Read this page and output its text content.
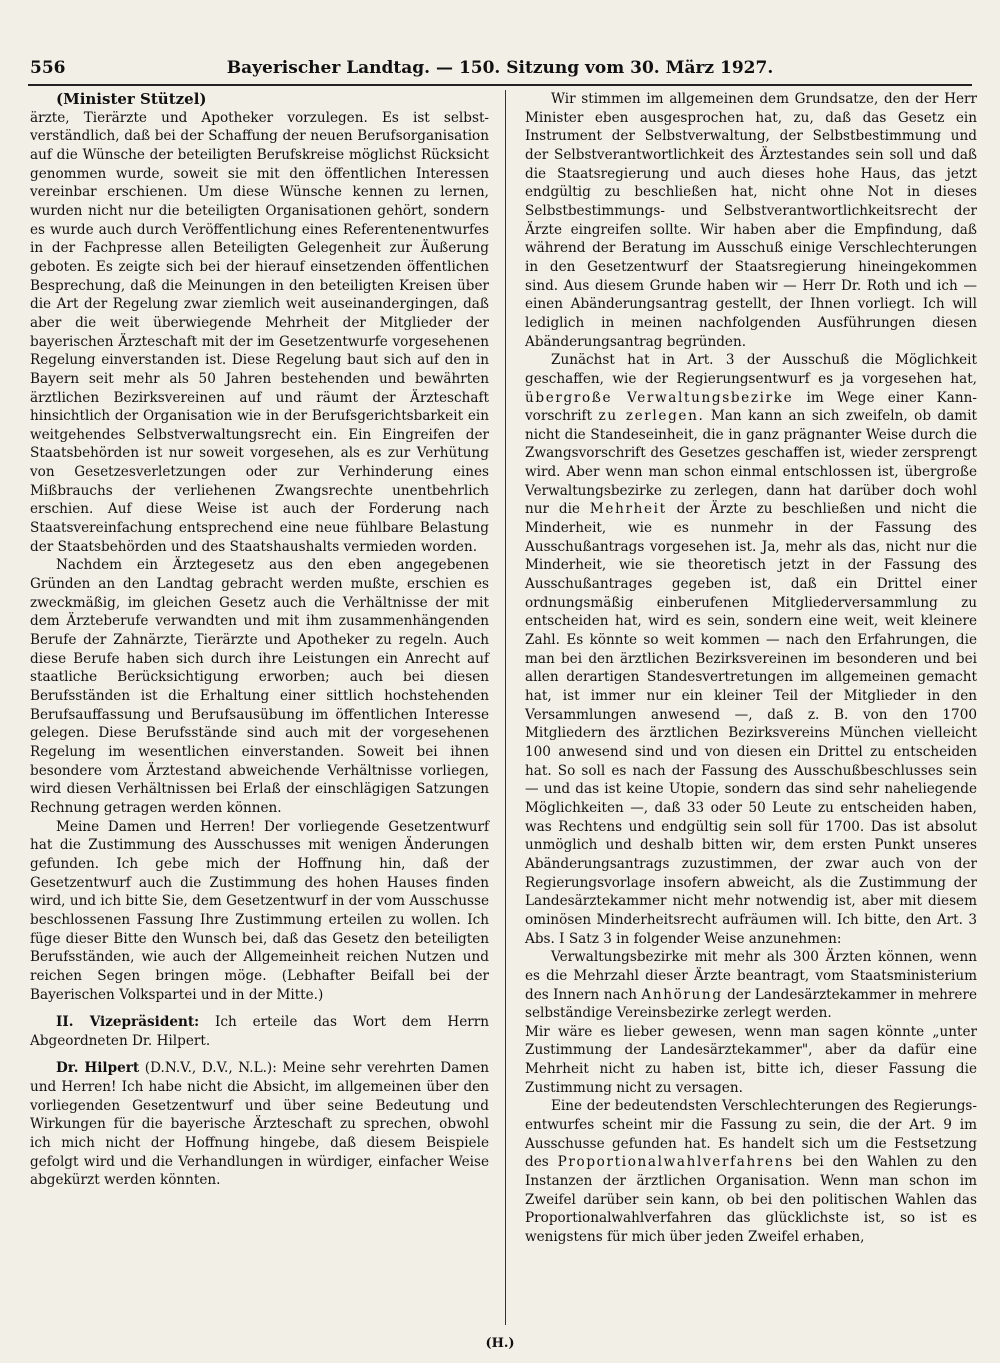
556	Bayerischer Landtag. — 150. Sitzung vom 30. März 1927.

(Minister Stützel)

ärzte, Tierärzte und Apotheker vorzulegen. Es ist selbstverständlich, daß bei der Schaffung der neuen Berufsorganisation auf die Wünsche der beteiligten Berufskreise möglichst Rücksicht genommen wurde, soweit sie mit den öffentlichen Interessen vereinbar erschienen. Um diese Wünsche kennen zu lernen, wurden nicht nur die beteiligten Organisationen gehört, sondern es wurde auch durch Veröffentlichung eines Referentenentwurfes in der Fachpresse allen Beteiligten Gelegenheit zur Äußerung geboten. Es zeigte sich bei der hierauf einsetzenden öffentlichen Besprechung, daß die Meinungen in den beteiligten Kreisen über die Art der Regelung zwar ziemlich weit auseinandergingen, daß aber die weit überwiegende Mehrheit der Mitglieder der bayerischen Ärzteschaft mit der im Gesetzentwurfe vorgesehenen Regelung einverstanden ist. Diese Regelung baut sich auf den in Bayern seit mehr als 50 Jahren bestehenden und bewährten ärztlichen Bezirksvereinen auf und räumt der Ärzteschaft hinsichtlich der Organisation wie in der Berufsgerichtsbarkeit ein weitgehendes Selbstverwaltungsrecht ein. Ein Eingreifen der Staatsbehörden ist nur soweit vorgesehen, als es zur Verhütung von Gesetzesverletzungen oder zur Verhinderung eines Mißbrauchs der verliehenen Zwangsrechte unentbehrlich erschien. Auf diese Weise ist auch der Forderung nach Staatsvereinfachung entsprechend eine neue fühlbare Belastung der Staatsbehörden und des Staatshaushalts vermieden worden.

Nachdem ein Ärztegesetz aus den eben angegebenen Gründen an den Landtag gebracht werden mußte, erschien es zweckmäßig, im gleichen Gesetz auch die Verhältnisse der mit dem Ärzteberufe verwandten und mit ihm zusammenhängenden Berufe der Zahnärzte, Tierärzte und Apotheker zu regeln. Auch diese Berufe haben sich durch ihre Leistungen ein Anrecht auf staatliche Berücksichtigung erworben; auch bei diesen Berufsständen ist die Erhaltung einer sittlich hochstehenden Berufsauffassung und Berufsausübung im öffentlichen Interesse gelegen. Diese Berufsstände sind auch mit der vorgesehenen Regelung im wesentlichen einverstanden. Soweit bei ihnen besondere vom Ärztestand abweichende Verhältnisse vorliegen, wird diesen Verhältnissen bei Erlaß der einschlägigen Satzungen Rechnung getragen werden können.

Meine Damen und Herren! Der vorliegende Gesetzentwurf hat die Zustimmung des Ausschusses mit wenigen Änderungen gefunden. Ich gebe mich der Hoffnung hin, daß der Gesetzentwurf auch die Zustimmung des hohen Hauses finden wird, und ich bitte Sie, dem Gesetzentwurf in der vom Ausschusse beschlossenen Fassung Ihre Zustimmung erteilen zu wollen. Ich füge dieser Bitte den Wunsch bei, daß das Gesetz den beteiligten Berufsständen, wie auch der Allgemeinheit reichen Nutzen und reichen Segen bringen möge. (Lebhafter Beifall bei der Bayerischen Volkspartei und in der Mitte.)

II. Vizepräsident: Ich erteile das Wort dem Herrn Abgeordneten Dr. Hilpert.

Dr. Hilpert (D.N.V., D.V., N.L.): Meine sehr verehrten Damen und Herren! Ich habe nicht die Absicht, im allgemeinen über den vorliegenden Gesetzentwurf und über seine Bedeutung und Wirkungen für die bayerische Ärzteschaft zu sprechen, obwohl ich mich nicht der Hoffnung hingebe, daß diesem Beispiele gefolgt wird und die Verhandlungen in würdiger, einfacher Weise abgekürzt werden könnten.

Wir stimmen im allgemeinen dem Grundsatze, den der Herr Minister eben ausgesprochen hat, zu, daß das Gesetz ein Instrument der Selbstverwaltung, der Selbstbestimmung und der Selbstverantwortlichkeit des Ärztestandes sein soll und daß die Staatsregierung und auch dieses hohe Haus, das jetzt endgültig zu beschließen hat, nicht ohne Not in dieses Selbstbestimmungs- und Selbstverantwortlichkeitsrecht der Ärzte eingreifen sollte. Wir haben aber die Empfindung, daß während der Beratung im Ausschuß einige Verschlechterungen in den Gesetzentwurf der Staatsregierung hineingekommen sind. Aus diesem Grunde haben wir — Herr Dr. Roth und ich — einen Abänderungsantrag gestellt, der Ihnen vorliegt. Ich will lediglich in meinen nachfolgenden Ausführungen diesen Abänderungsantrag begründen.

Zunächst hat in Art. 3 der Ausschuß die Möglichkeit geschaffen, wie der Regierungsentwurf es ja vorgesehen hat, übergroße Verwaltungsbezirke im Wege einer Kannvorschrift zu zerlegen. Man kann an sich zweifeln, ob damit nicht die Standeseinheit, die in ganz prägnanter Weise durch die Zwangsvorschrift des Gesetzes geschaffen ist, wieder zersprengt wird. Aber wenn man schon einmal entschlossen ist, übergroße Verwaltungsbezirke zu zerlegen, dann hat darüber doch wohl nur die Mehrheit der Ärzte zu beschließen und nicht die Minderheit, wie es nunmehr in der Fassung des Ausschußantrags vorgesehen ist. Ja, mehr als das, nicht nur die Minderheit, wie sie theoretisch jetzt in der Fassung des Ausschußantrages gegeben ist, daß ein Drittel einer ordnungsmäßig einberufenen Mitgliederversammlung zu entscheiden hat, wird es sein, sondern eine weit, weit kleinere Zahl. Es könnte so weit kommen — nach den Erfahrungen, die man bei den ärztlichen Bezirksvereinen im besonderen und bei allen derartigen Standesvertretungen im allgemeinen gemacht hat, ist immer nur ein kleiner Teil der Mitglieder in den Versammlungen anwesend —, daß z. B. von den 1700 Mitgliedern des ärztlichen Bezirksvereins München vielleicht 100 anwesend sind und von diesen ein Drittel zu entscheiden hat. So soll es nach der Fassung des Ausschußbeschlusses sein — und das ist keine Utopie, sondern das sind sehr naheliegende Möglichkeiten —, daß 33 oder 50 Leute zu entscheiden haben, was Rechtens und endgültig sein soll für 1700. Das ist absolut unmöglich und deshalb bitten wir, dem ersten Punkt unseres Abänderungsantrags zuzustimmen, der zwar auch von der Regierungsvorlage insofern abweicht, als die Zustimmung der Landesärztekammer nicht mehr notwendig ist, aber mit diesem ominösen Minderheitsrecht aufräumen will. Ich bitte, den Art. 3 Abs. I Satz 3 in folgender Weise anzunehmen:

Verwaltungsbezirke mit mehr als 300 Ärzten können, wenn es die Mehrzahl dieser Ärzte beantragt, vom Staatsministerium des Innern nach Anhörung der Landesärztekammer in mehrere selbständige Vereinsbezirke zerlegt werden.

Mir wäre es lieber gewesen, wenn man sagen könnte „unter Zustimmung der Landesärztekammer", aber da dafür eine Mehrheit nicht zu haben ist, bitte ich, dieser Fassung die Zustimmung nicht zu versagen.

Eine der bedeutendsten Verschlechterungen des Regierungsentwurfes scheint mir die Fassung zu sein, die der Art. 9 im Ausschusse gefunden hat. Es handelt sich um die Festsetzung des Proportionalwahlverfahrens bei den Wahlen zu den Instanzen der ärztlichen Organisation. Wenn man schon im Zweifel darüber sein kann, ob bei den politischen Wahlen das Proportionalwahlverfahren das glücklichste ist, so ist es wenigstens für mich über jeden Zweifel erhaben,

(H.)
